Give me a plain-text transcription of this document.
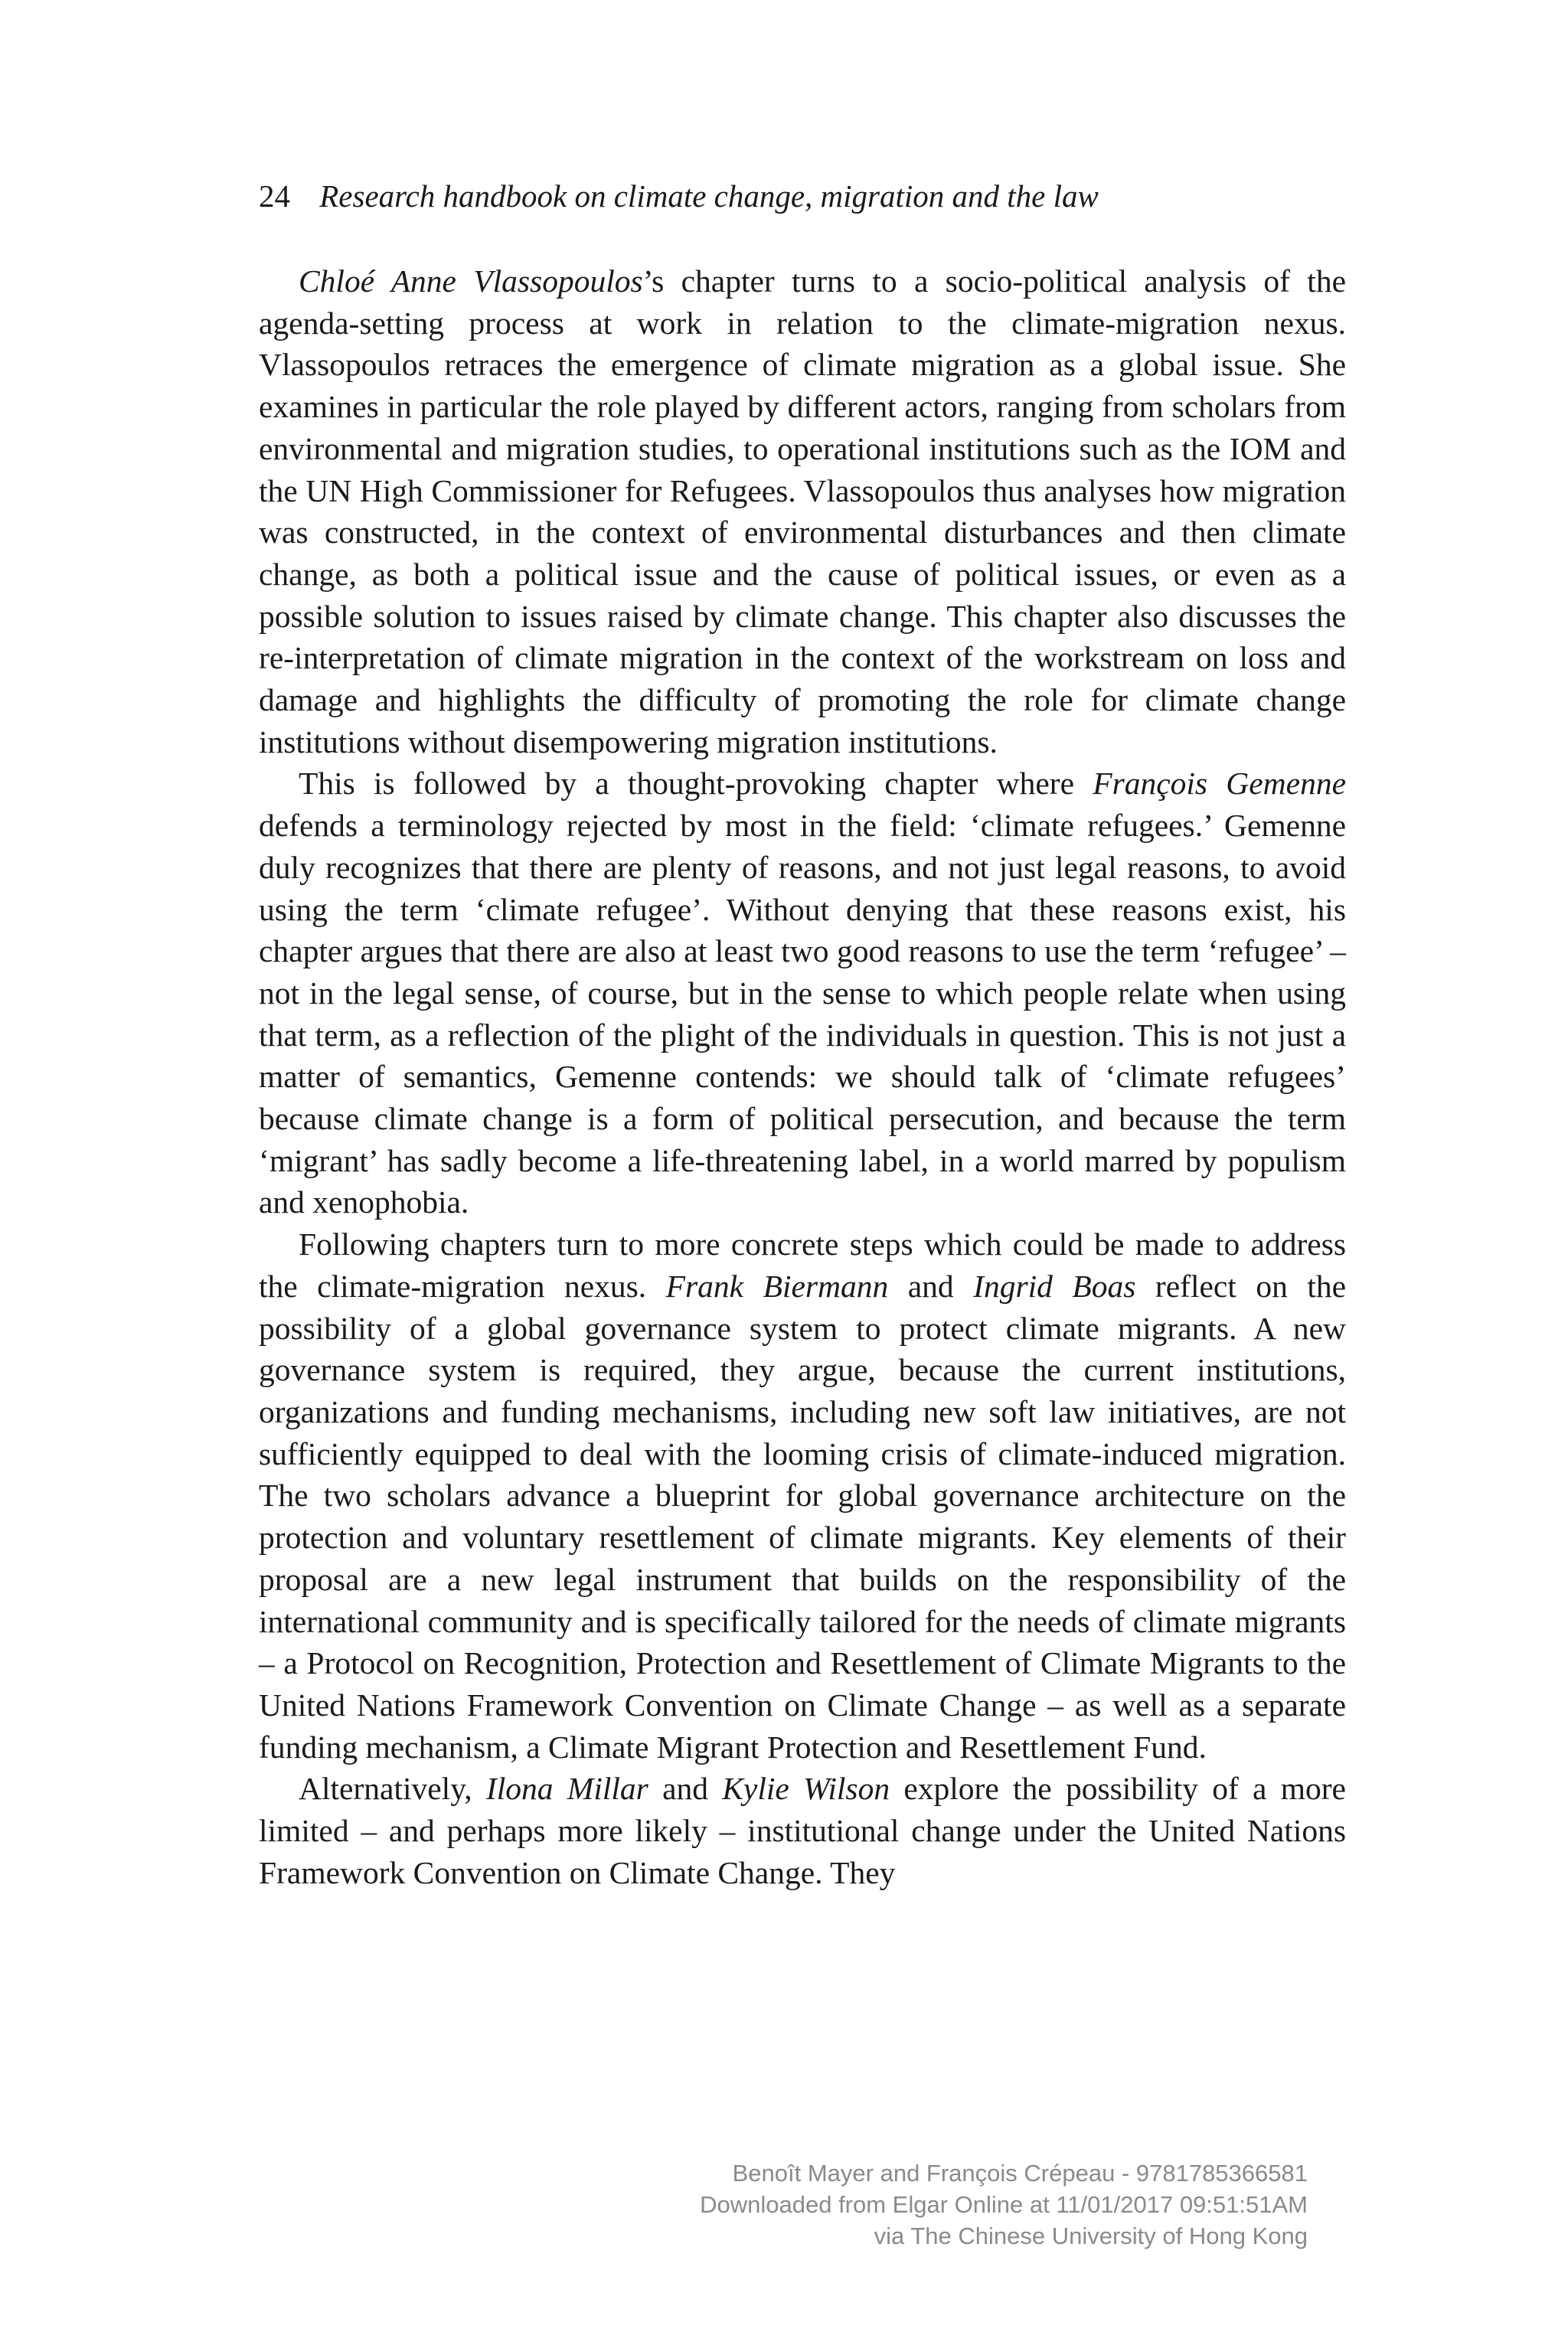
24 Research handbook on climate change, migration and the law

Chloé Anne Vlassopoulos’s chapter turns to a socio-political analysis of the agenda-setting process at work in relation to the climate-migration nexus. Vlassopoulos retraces the emergence of climate migration as a global issue. She examines in particular the role played by different actors, ranging from scholars from environmental and migration studies, to operational institutions such as the IOM and the UN High Commissioner for Refugees. Vlassopoulos thus analyses how migration was constructed, in the context of environmental disturbances and then climate change, as both a political issue and the cause of political issues, or even as a possible solution to issues raised by climate change. This chapter also discusses the re-interpretation of climate migration in the context of the workstream on loss and damage and highlights the difficulty of promoting the role for climate change institutions without disempowering migration institutions.

This is followed by a thought-provoking chapter where François Gemenne defends a terminology rejected by most in the field: ‘climate refugees.’ Gemenne duly recognizes that there are plenty of reasons, and not just legal reasons, to avoid using the term ‘climate refugee’. Without denying that these reasons exist, his chapter argues that there are also at least two good reasons to use the term ‘refugee’ – not in the legal sense, of course, but in the sense to which people relate when using that term, as a reflection of the plight of the individuals in question. This is not just a matter of semantics, Gemenne contends: we should talk of ‘climate refugees’ because climate change is a form of political persecution, and because the term ‘migrant’ has sadly become a life-threatening label, in a world marred by populism and xenophobia.

Following chapters turn to more concrete steps which could be made to address the climate-migration nexus. Frank Biermann and Ingrid Boas reflect on the possibility of a global governance system to protect climate migrants. A new governance system is required, they argue, because the current institutions, organizations and funding mechanisms, including new soft law initiatives, are not sufficiently equipped to deal with the looming crisis of climate-induced migration. The two scholars advance a blueprint for global governance architecture on the protection and voluntary resettlement of climate migrants. Key elements of their proposal are a new legal instrument that builds on the responsibility of the international community and is specifically tailored for the needs of climate migrants – a Protocol on Recognition, Protection and Resettlement of Climate Migrants to the United Nations Framework Convention on Climate Change – as well as a separate funding mechanism, a Climate Migrant Protection and Resettlement Fund.

Alternatively, Ilona Millar and Kylie Wilson explore the possibility of a more limited – and perhaps more likely – institutional change under the United Nations Framework Convention on Climate Change. They

Benoît Mayer and François Crépeau - 9781785366581
Downloaded from Elgar Online at 11/01/2017 09:51:51AM
via The Chinese University of Hong Kong
